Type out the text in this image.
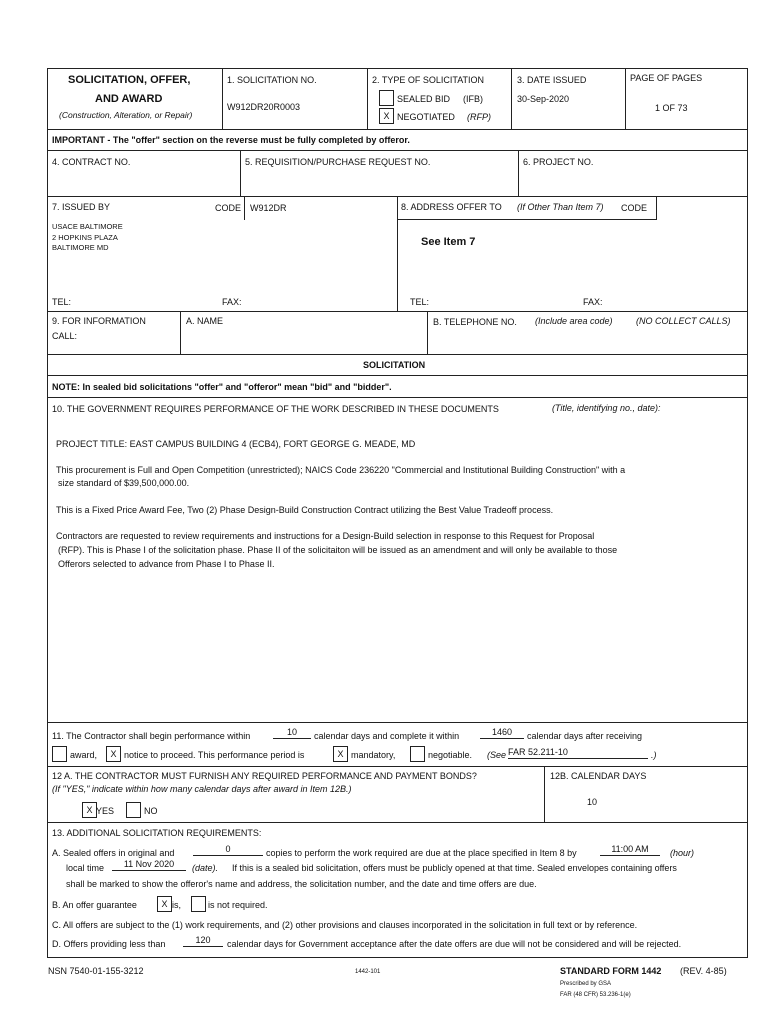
SOLICITATION, OFFER,
AND AWARD
(Construction, Alteration, or Repair)
1. SOLICITATION NO.
W912DR20R0003
2. TYPE OF SOLICITATION
SEALED BID (IFB)
X NEGOTIATED (RFP)
3. DATE ISSUED
30-Sep-2020
PAGE OF PAGES
1 OF 73
IMPORTANT - The "offer" section on the reverse must be fully completed by offeror.
4. CONTRACT NO.	5. REQUISITION/PURCHASE REQUEST NO.	6. PROJECT NO.
7. ISSUED BY	CODE W912DR
USACE BALTIMORE
2 HOPKINS PLAZA
BALTIMORE MD
TEL:	FAX:
8. ADDRESS OFFER TO (If Other Than Item 7) CODE
See Item 7
TEL:	FAX:
9. FOR INFORMATION
CALL:
A. NAME	B. TELEPHONE NO. (Include area code)	(NO COLLECT CALLS)
SOLICITATION
NOTE: In sealed bid solicitations "offer" and "offeror" mean "bid" and "bidder".
10. THE GOVERNMENT REQUIRES PERFORMANCE OF THE WORK DESCRIBED IN THESE DOCUMENTS	(Title, identifying no., date):
PROJECT TITLE: EAST CAMPUS BUILDING 4 (ECB4), FORT GEORGE G. MEADE, MD
This procurement is Full and Open Competition (unrestricted); NAICS Code 236220 "Commercial and Institutional Building Construction" with a
size standard of $39,500,000.00.
This is a Fixed Price Award Fee, Two (2) Phase Design-Build Construction Contract utilizing the Best Value Tradeoff process.
Contractors are requested to review requirements and instructions for a Design-Build selection in response to this Request for Proposal
(RFP). This is Phase I of the solicitation phase. Phase II of the solicitaiton will be issued as an amendment and will only be available to those
Offerors selected to advance from Phase I to Phase II.
11. The Contractor shall begin performance within	10	calendar days and complete it within	1460	calendar days after receiving
award,	X notice to proceed. This performance period is	X mandatory,	negotiable. (See FAR 52.211-10	.)
12 A. THE CONTRACTOR MUST FURNISH ANY REQUIRED PERFORMANCE AND PAYMENT BONDS?
(If "YES," indicate within how many calendar days after award in Item 12B.)
X YES	NO
12B. CALENDAR DAYS
10
13. ADDITIONAL SOLICITATION REQUIREMENTS:
A. Sealed offers in original and	0	copies to perform the work required are due at the place specified in Item 8 by	11:00 AM	(hour)
local time	11 Nov 2020	(date). If this is a sealed bid solicitation, offers must be publicly opened at that time. Sealed envelopes containing offers
shall be marked to show the offeror's name and address, the solicitation number, and the date and time offers are due.
B. An offer guarantee	X is,	is not required.
C. All offers are subject to the (1) work requirements, and (2) other provisions and clauses incorporated in the solicitation in full text or by reference.
D. Offers providing less than	120	calendar days for Government acceptance after the date offers are due will not be considered and will be rejected.
NSN 7540-01-155-3212	1442-101	STANDARD FORM 1442 (REV. 4-85)
Prescribed by GSA
FAR (48 CFR) 53.236-1(e)
